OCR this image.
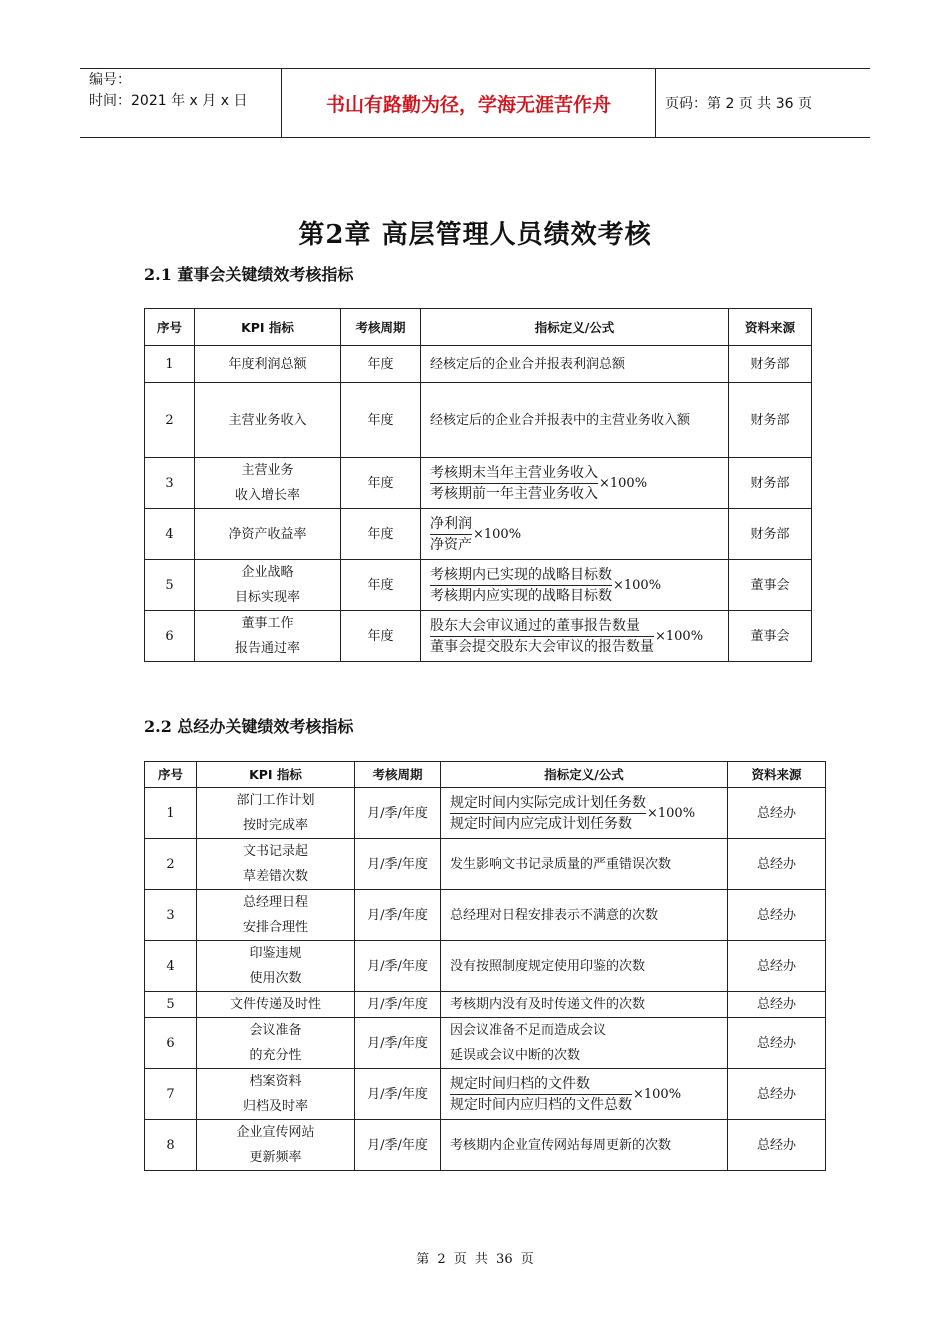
编号：
时间：2021 年 x 月 x 日	书山有路勤为径，学海无涯苦作舟	页码：第 2 页 共 36 页
第2章 高层管理人员绩效考核
2.1 董事会关键绩效考核指标
序号	KPI 指标	考核周期	指标定义/公式	资料来源
1	年度利润总额	年度	经核定后的企业合并报表利润总额	财务部
2	主营业务收入	年度	经核定后的企业合并报表中的主营业务收入额	财务部
3	主营业务
收入增长率	年度	$\frac{\text{考核期末当年主营业务收入}}{\text{考核期前一年主营业务收入}} \times 100\%$	财务部
4	净资产收益率	年度	$\frac{\text{净利润}}{\text{净资产}} \times 100\%$	财务部
5	企业战略
目标实现率	年度	$\frac{\text{考核期内已实现的战略目标数}}{\text{考核期内应实现的战略目标数}} \times 100\%$	董事会
6	董事工作
报告通过率	年度	$\frac{\text{股东大会审议通过的董事报告数量}}{\text{董事会提交股东大会审议的报告数量}} \times 100\%$	董事会
2.2 总经办关键绩效考核指标
序号	KPI 指标	考核周期	指标定义/公式	资料来源
1	部门工作计划
按时完成率	月/季/年度	$\frac{\text{规定时间内实际完成计划任务数}}{\text{规定时间内应完成计划任务数}} \times 100\%$	总经办
2	文书记录起
草差错次数	月/季/年度	发生影响文书记录质量的严重错误次数	总经办
3	总经理日程
安排合理性	月/季/年度	总经理对日程安排表示不满意的次数	总经办
4	印鉴违规
使用次数	月/季/年度	没有按照制度规定使用印鉴的次数	总经办
5	文件传递及时性	月/季/年度	考核期内没有及时传递文件的次数	总经办
6	会议准备
的充分性	月/季/年度	因会议准备不足而造成会议
延误或会议中断的次数	总经办
7	档案资料
归档及时率	月/季/年度	$\frac{\text{规定时间归档的文件数}}{\text{规定时间内应归档的文件总数}} \times 100\%$	总经办
8	企业宣传网站
更新频率	月/季/年度	考核期内企业宣传网站每周更新的次数	总经办
第 2 页 共 36 页
